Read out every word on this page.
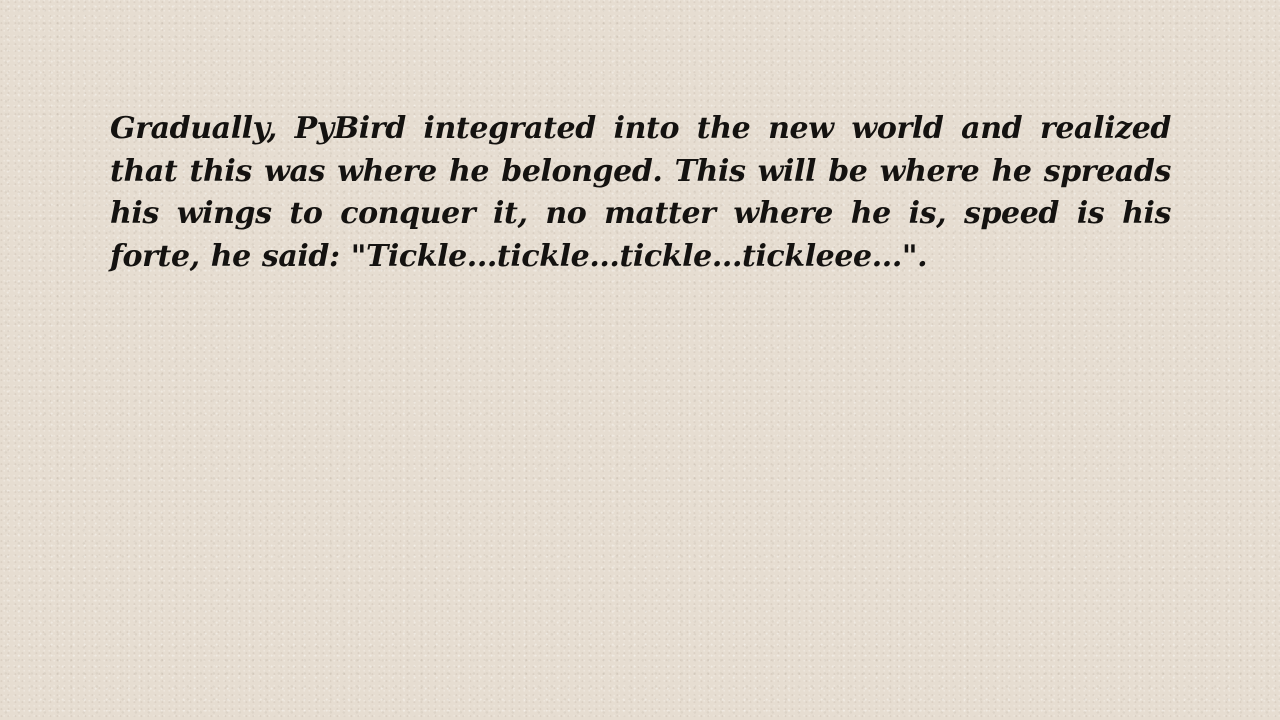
Gradually, PyBird integrated into the new world and realized that this was where he belonged. This will be where he spreads his wings to conquer it, no matter where he is, speed is his forte, he said: "Tickle...tickle...tickle...tickleee...".
